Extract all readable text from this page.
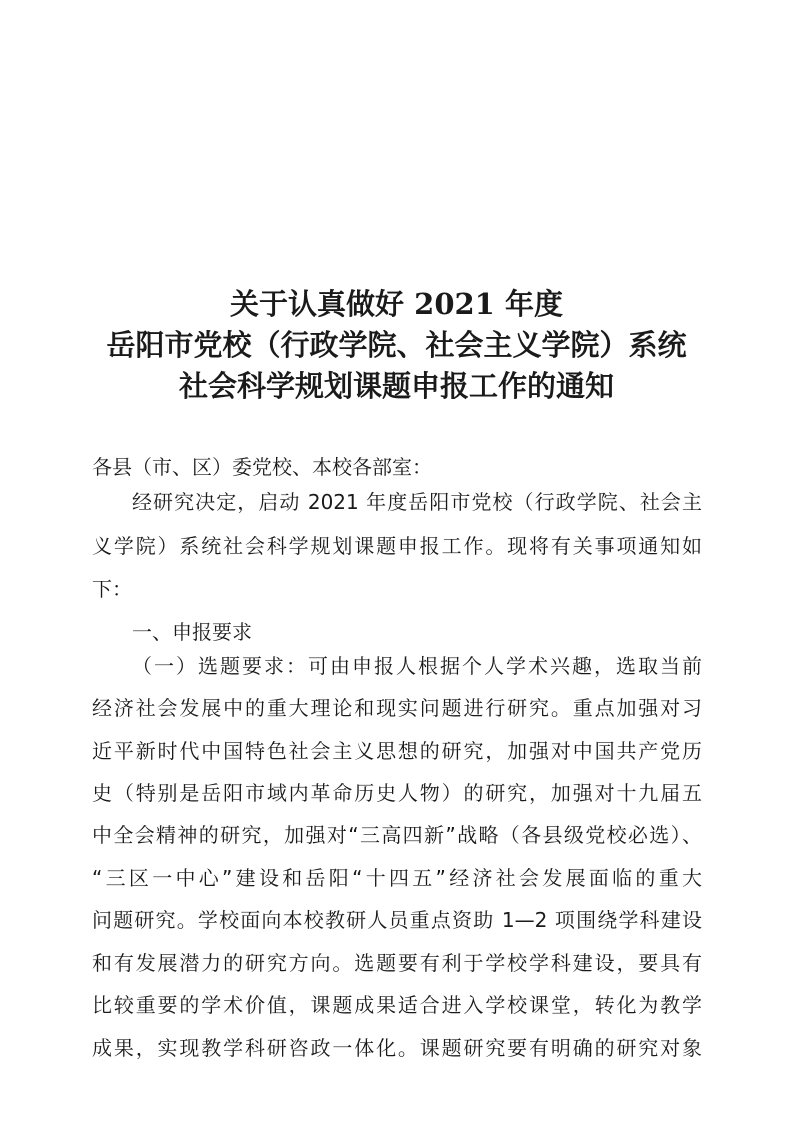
关于认真做好 2021 年度
岳阳市党校（行政学院、社会主义学院）系统
社会科学规划课题申报工作的通知

各县（市、区）委党校、本校各部室：

经研究决定，启动 2021 年度岳阳市党校（行政学院、社会主

义学院）系统社会科学规划课题申报工作。现将有关事项通知如

下：

一、申报要求

（一）选题要求：可由申报人根据个人学术兴趣，选取当前

经济社会发展中的重大理论和现实问题进行研究。重点加强对习

近平新时代中国特色社会主义思想的研究，加强对中国共产党历

史（特别是岳阳市域内革命历史人物）的研究，加强对十九届五

中全会精神的研究，加强对“三高四新”战略（各县级党校必选）、

“三区一中心”建设和岳阳“十四五”经济社会发展面临的重大

问题研究。学校面向本校教研人员重点资助 1—2 项围绕学科建设

和有发展潜力的研究方向。选题要有利于学校学科建设，要具有

比较重要的学术价值，课题成果适合进入学校课堂，转化为教学

成果，实现教学科研咨政一体化。课题研究要有明确的研究对象
